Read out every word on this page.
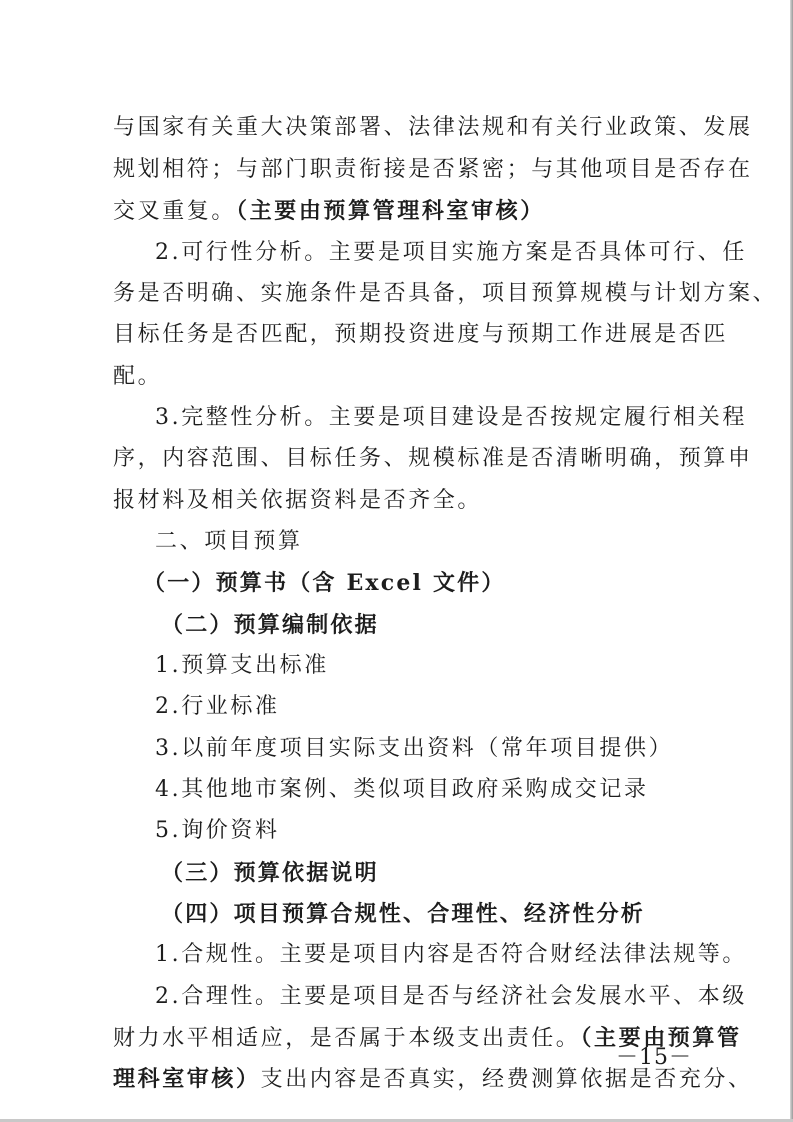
与国家有关重大决策部署、法律法规和有关行业政策、发展
规划相符；与部门职责衔接是否紧密；与其他项目是否存在
交叉重复。（主要由预算管理科室审核）
2.可行性分析。主要是项目实施方案是否具体可行、任
务是否明确、实施条件是否具备，项目预算规模与计划方案、
目标任务是否匹配，预期投资进度与预期工作进展是否匹
配。
3.完整性分析。主要是项目建设是否按规定履行相关程
序，内容范围、目标任务、规模标准是否清晰明确，预算申
报材料及相关依据资料是否齐全。
二、项目预算
（一）预算书（含 Excel 文件）
（二）预算编制依据
1.预算支出标准
2.行业标准
3.以前年度项目实际支出资料（常年项目提供）
4.其他地市案例、类似项目政府采购成交记录
5.询价资料
（三）预算依据说明
（四）项目预算合规性、合理性、经济性分析
1.合规性。主要是项目内容是否符合财经法律法规等。
2.合理性。主要是项目是否与经济社会发展水平、本级
财力水平相适应，是否属于本级支出责任。（主要由预算管
理科室审核）支出内容是否真实，经费测算依据是否充分、
－15－
